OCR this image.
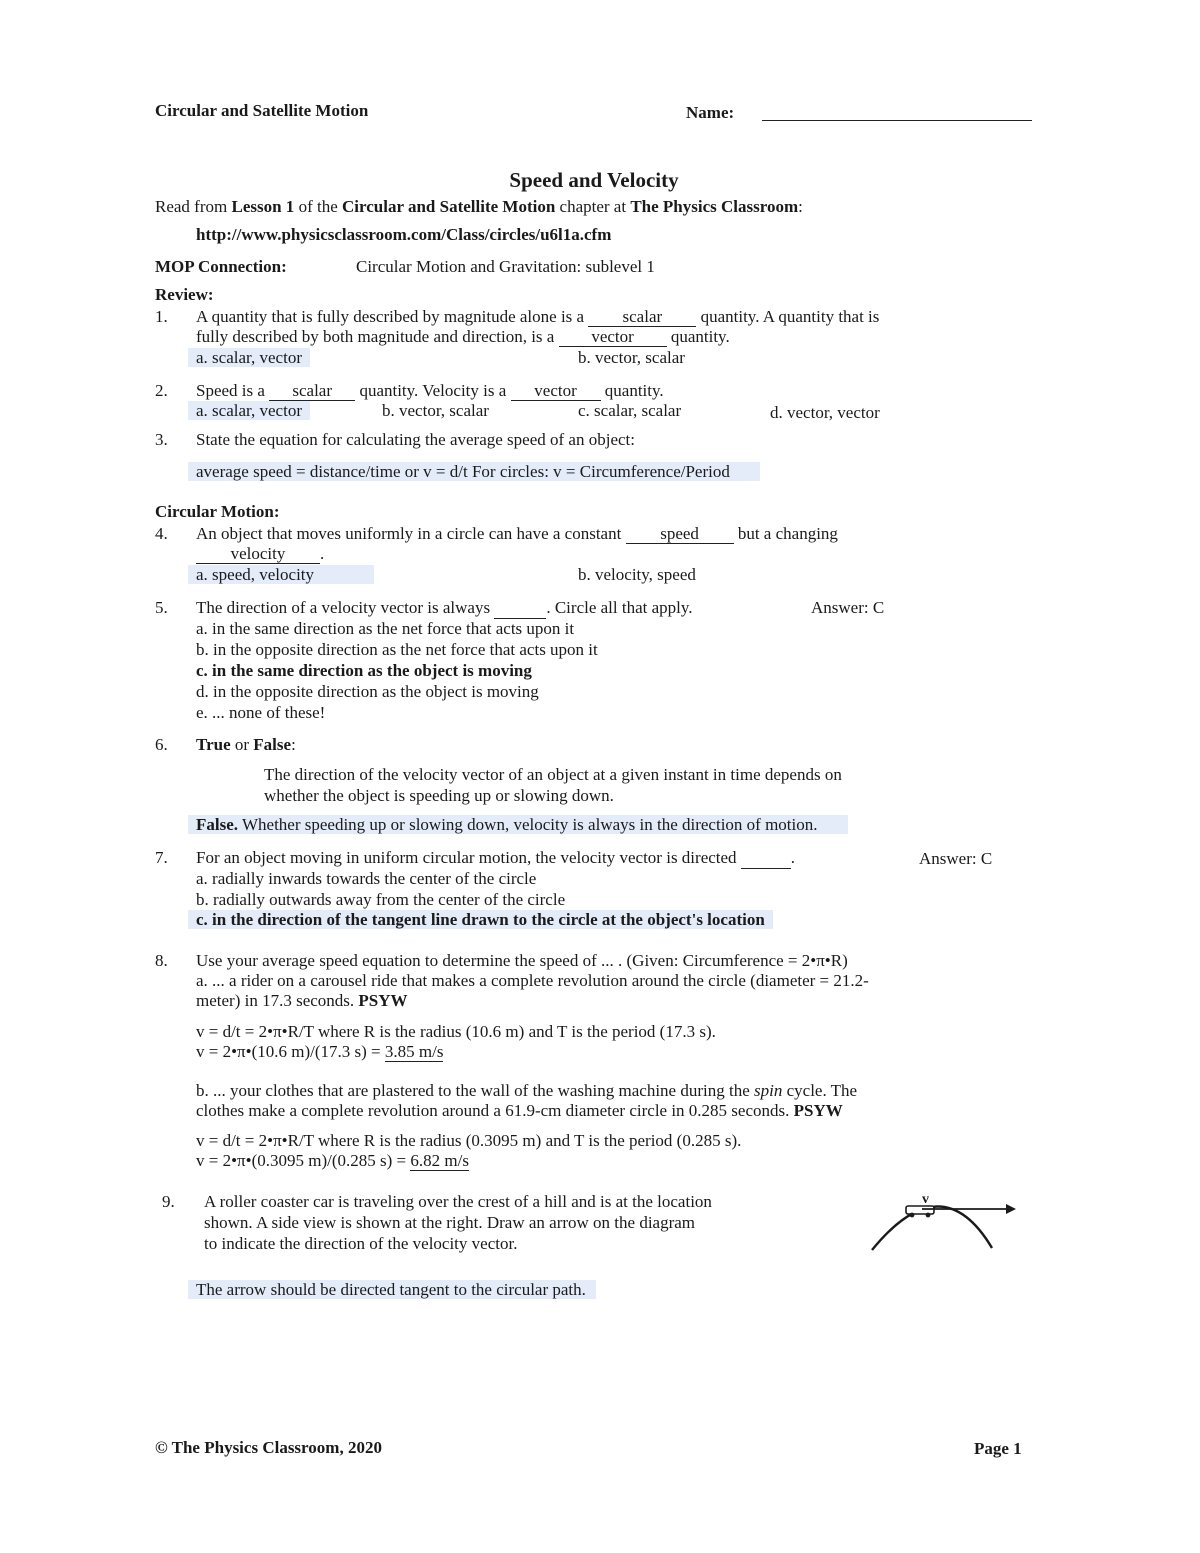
Circular and Satellite Motion	Name:
Speed and Velocity
Read from Lesson 1 of the Circular and Satellite Motion chapter at The Physics Classroom:
http://www.physicsclassroom.com/Class/circles/u6l1a.cfm
MOP Connection:	Circular Motion and Gravitation: sublevel 1
Review:
1. A quantity that is fully described by magnitude alone is a scalar quantity. A quantity that is
fully described by both magnitude and direction, is a vector quantity.
a. scalar, vector	b. vector, scalar
2. Speed is a scalar quantity. Velocity is a vector quantity.
a. scalar, vector	b. vector, scalar	c. scalar, scalar	d. vector, vector
3. State the equation for calculating the average speed of an object:
average speed = distance/time or v = d/t For circles: v = Circumference/Period
Circular Motion:
4. An object that moves uniformly in a circle can have a constant speed but a changing
velocity .
a. speed, velocity	b. velocity, speed
5. The direction of a velocity vector is always	. Circle all that apply.	Answer: C
a. in the same direction as the net force that acts upon it
b. in the opposite direction as the net force that acts upon it
c. in the same direction as the object is moving
d. in the opposite direction as the object is moving
e. ... none of these!
6. True or False:
The direction of the velocity vector of an object at a given instant in time depends on
whether the object is speeding up or slowing down.
False. Whether speeding up or slowing down, velocity is always in the direction of motion.
7. For an object moving in uniform circular motion, the velocity vector is directed	.	Answer: C
a. radially inwards towards the center of the circle
b. radially outwards away from the center of the circle
c. in the direction of the tangent line drawn to the circle at the object's location
8. Use your average speed equation to determine the speed of ... . (Given: Circumference = 2•π•R)
a. ... a rider on a carousel ride that makes a complete revolution around the circle (diameter = 21.2-
meter) in 17.3 seconds. PSYW
v = d/t = 2•π•R/T where R is the radius (10.6 m) and T is the period (17.3 s).
v = 2•π•(10.6 m)/(17.3 s) = 3.85 m/s
b. ... your clothes that are plastered to the wall of the washing machine during the spin cycle. The
clothes make a complete revolution around a 61.9-cm diameter circle in 0.285 seconds. PSYW
v = d/t = 2•π•R/T where R is the radius (0.3095 m) and T is the period (0.285 s).
v = 2•π•(0.3095 m)/(0.285 s) = 6.82 m/s
9. A roller coaster car is traveling over the crest of a hill and is at the location
shown. A side view is shown at the right. Draw an arrow on the diagram
to indicate the direction of the velocity vector.
v
The arrow should be directed tangent to the circular path.
© The Physics Classroom, 2020	Page 1
